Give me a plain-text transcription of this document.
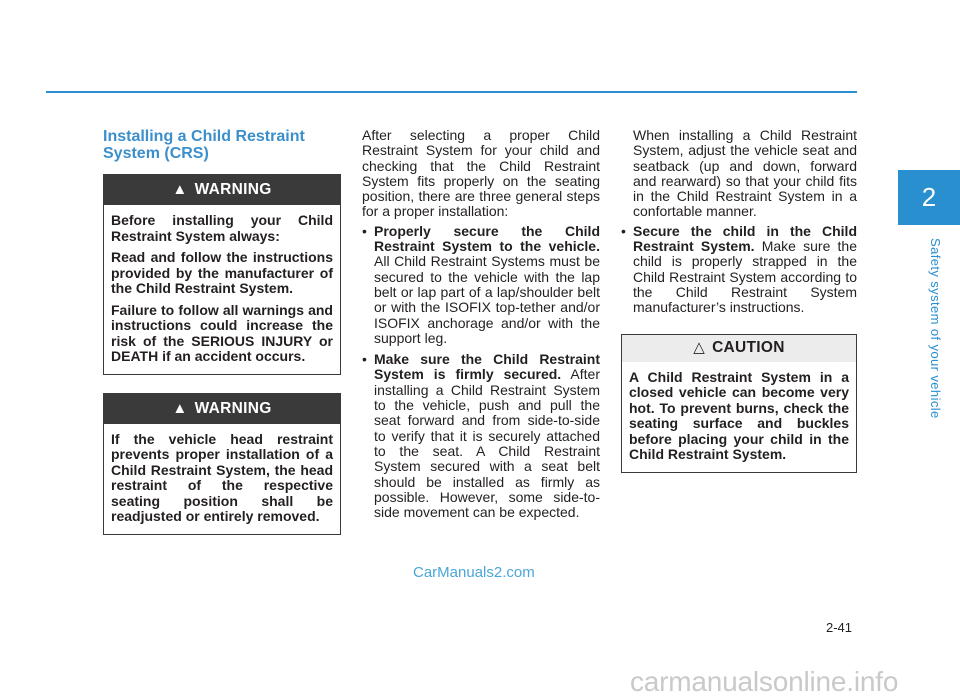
2
Safety system of your vehicle
Installing a Child Restraint System (CRS)
▲ WARNING

Before installing your Child Restraint System always:

Read and follow the instructions provided by the manufacturer of the Child Restraint System.

Failure to follow all warnings and instructions could increase the risk of the SERIOUS INJURY or DEATH if an accident occurs.

▲ WARNING

If the vehicle head restraint prevents proper installation of a Child Restraint System, the head restraint of the respective seating position shall be readjusted or entirely removed.

After selecting a proper Child Restraint System for your child and checking that the Child Restraint System fits properly on the seating position, there are three general steps for a proper installation:

• Properly secure the Child Restraint System to the vehicle. All Child Restraint Systems must be secured to the vehicle with the lap belt or lap part of a lap/shoulder belt or with the ISOFIX top-tether and/or ISOFIX anchorage and/or with the support leg.
• Make sure the Child Restraint System is firmly secured. After installing a Child Restraint System to the vehicle, push and pull the seat forward and from side-to-side to verify that it is securely attached to the seat. A Child Restraint System secured with a seat belt should be installed as firmly as possible. However, some side-to-side movement can be expected.

When installing a Child Restraint System, adjust the vehicle seat and seatback (up and down, forward and rearward) so that your child fits in the Child Restraint System in a confortable manner.

• Secure the child in the Child Restraint System. Make sure the child is properly strapped in the Child Restraint System according to the Child Restraint System manufacturer’s instructions.
△ CAUTION

A Child Restraint System in a closed vehicle can become very hot. To prevent burns, check the seating surface and buckles before placing your child in the Child Restraint System.

CarManuals2.com
2-41
carmanualsonline.info
